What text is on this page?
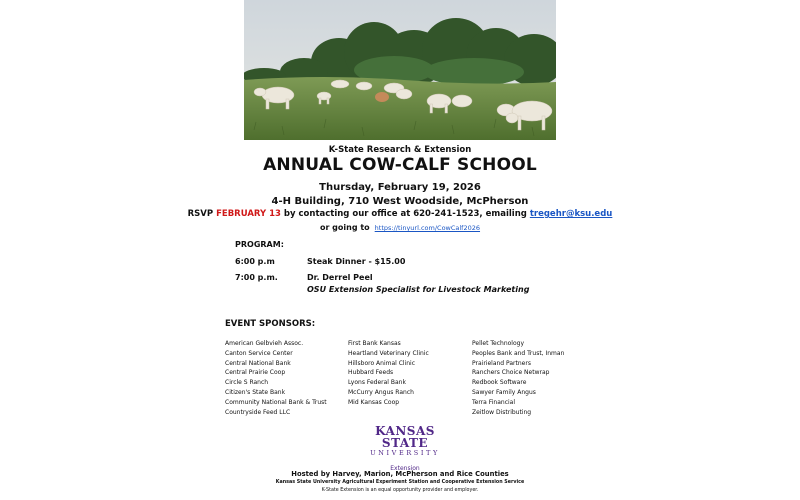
K-State Research & Extension
ANNUAL COW-CALF SCHOOL
Thursday, February 19, 2026
4-H Building, 710 West Woodside, McPherson
RSVP FEBRUARY 13 by contacting our office at 620-241-1523, emailing tregehr@ksu.edu
or going to https://tinyurl.com/CowCalf2026
PROGRAM:
6:00 p.m	Steak Dinner - $15.00
7:00 p.m.	Dr. Derrel Peel
OSU Extension Specialist for Livestock Marketing
EVENT SPONSORS:
American Gelbvieh Assoc.
Canton Service Center
Central National Bank
Central Prairie Coop
Circle S Ranch
Citizen's State Bank
Community National Bank & Trust
Countryside Feed LLC
First Bank Kansas
Heartland Veterinary Clinic
Hillsboro Animal Clinic
Hubbard Feeds
Lyons Federal Bank
McCurry Angus Ranch
Mid Kansas Coop
Pellet Technology
Peoples Bank and Trust, Inman
Prairieland Partners
Ranchers Choice Netwrap
Redbook Software
Sawyer Family Angus
Terra Financial
Zeitlow Distributing
KANSAS STATE
UNIVERSITY
Extension
Hosted by Harvey, Marion, McPherson and Rice Counties
Kansas State University Agricultural Experiment Station and Cooperative Extension Service
K-State Extension is an equal opportunity provider and employer.
